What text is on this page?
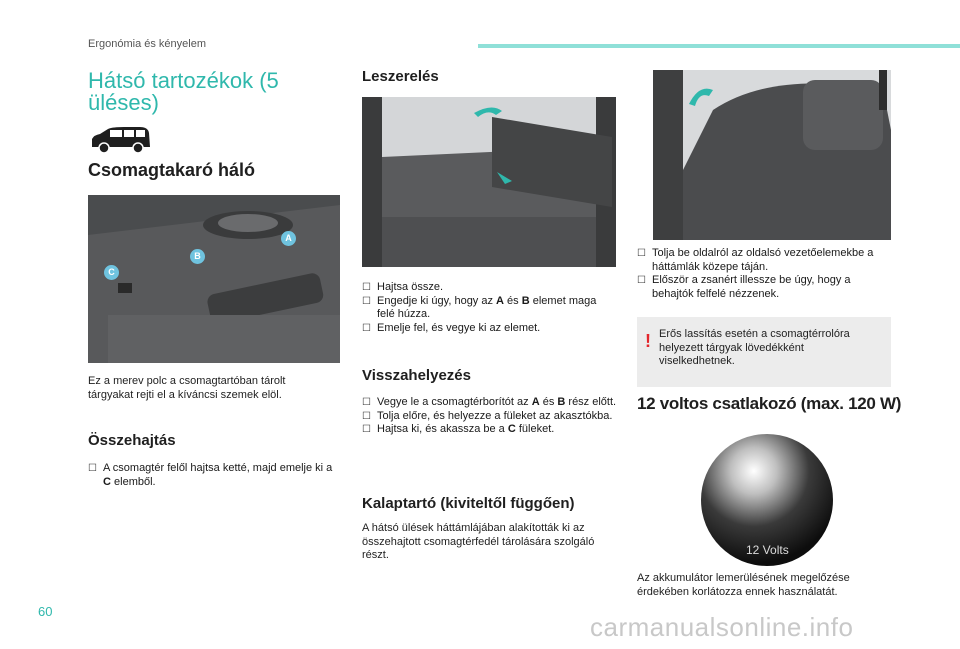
Ergonómia és kényelem
Hátsó tartozékok (5 üléses)
Csomagtakaró háló
A
B
C
Ez a merev polc a csomagtartóban tárolt tárgyakat rejti el a kíváncsi szemek elöl.
Összehajtás
☐ A csomagtér felől hajtsa ketté, majd emelje ki a C elemből.
Leszerelés
☐ Hajtsa össze.
☐ Engedje ki úgy, hogy az A és B elemet maga felé húzza.
☐ Emelje fel, és vegye ki az elemet.
Visszahelyezés
☐ Vegye le a csomagtérborítót az A és B rész előtt.
☐ Tolja előre, és helyezze a füleket az akasztókba.
☐ Hajtsa ki, és akassza be a C füleket.
Kalaptartó (kiviteltől függően)
A hátsó ülések háttámlájában alakították ki az összehajtott csomagtérfedél tárolására szolgáló részt.
☐ Tolja be oldalról az oldalsó vezetőelemekbe a háttámlák közepe táján.
☐ Először a zsanért illessze be úgy, hogy a behajtók felfelé nézzenek.
! Erős lassítás esetén a csomagtérrolóra helyezett tárgyak lövedékként viselkedhetnek.
12 voltos csatlakozó (max. 120 W)
12 Volts
Az akkumulátor lemerülésének megelőzése érdekében korlátozza ennek használatát.
60
carmanualsonline.info
